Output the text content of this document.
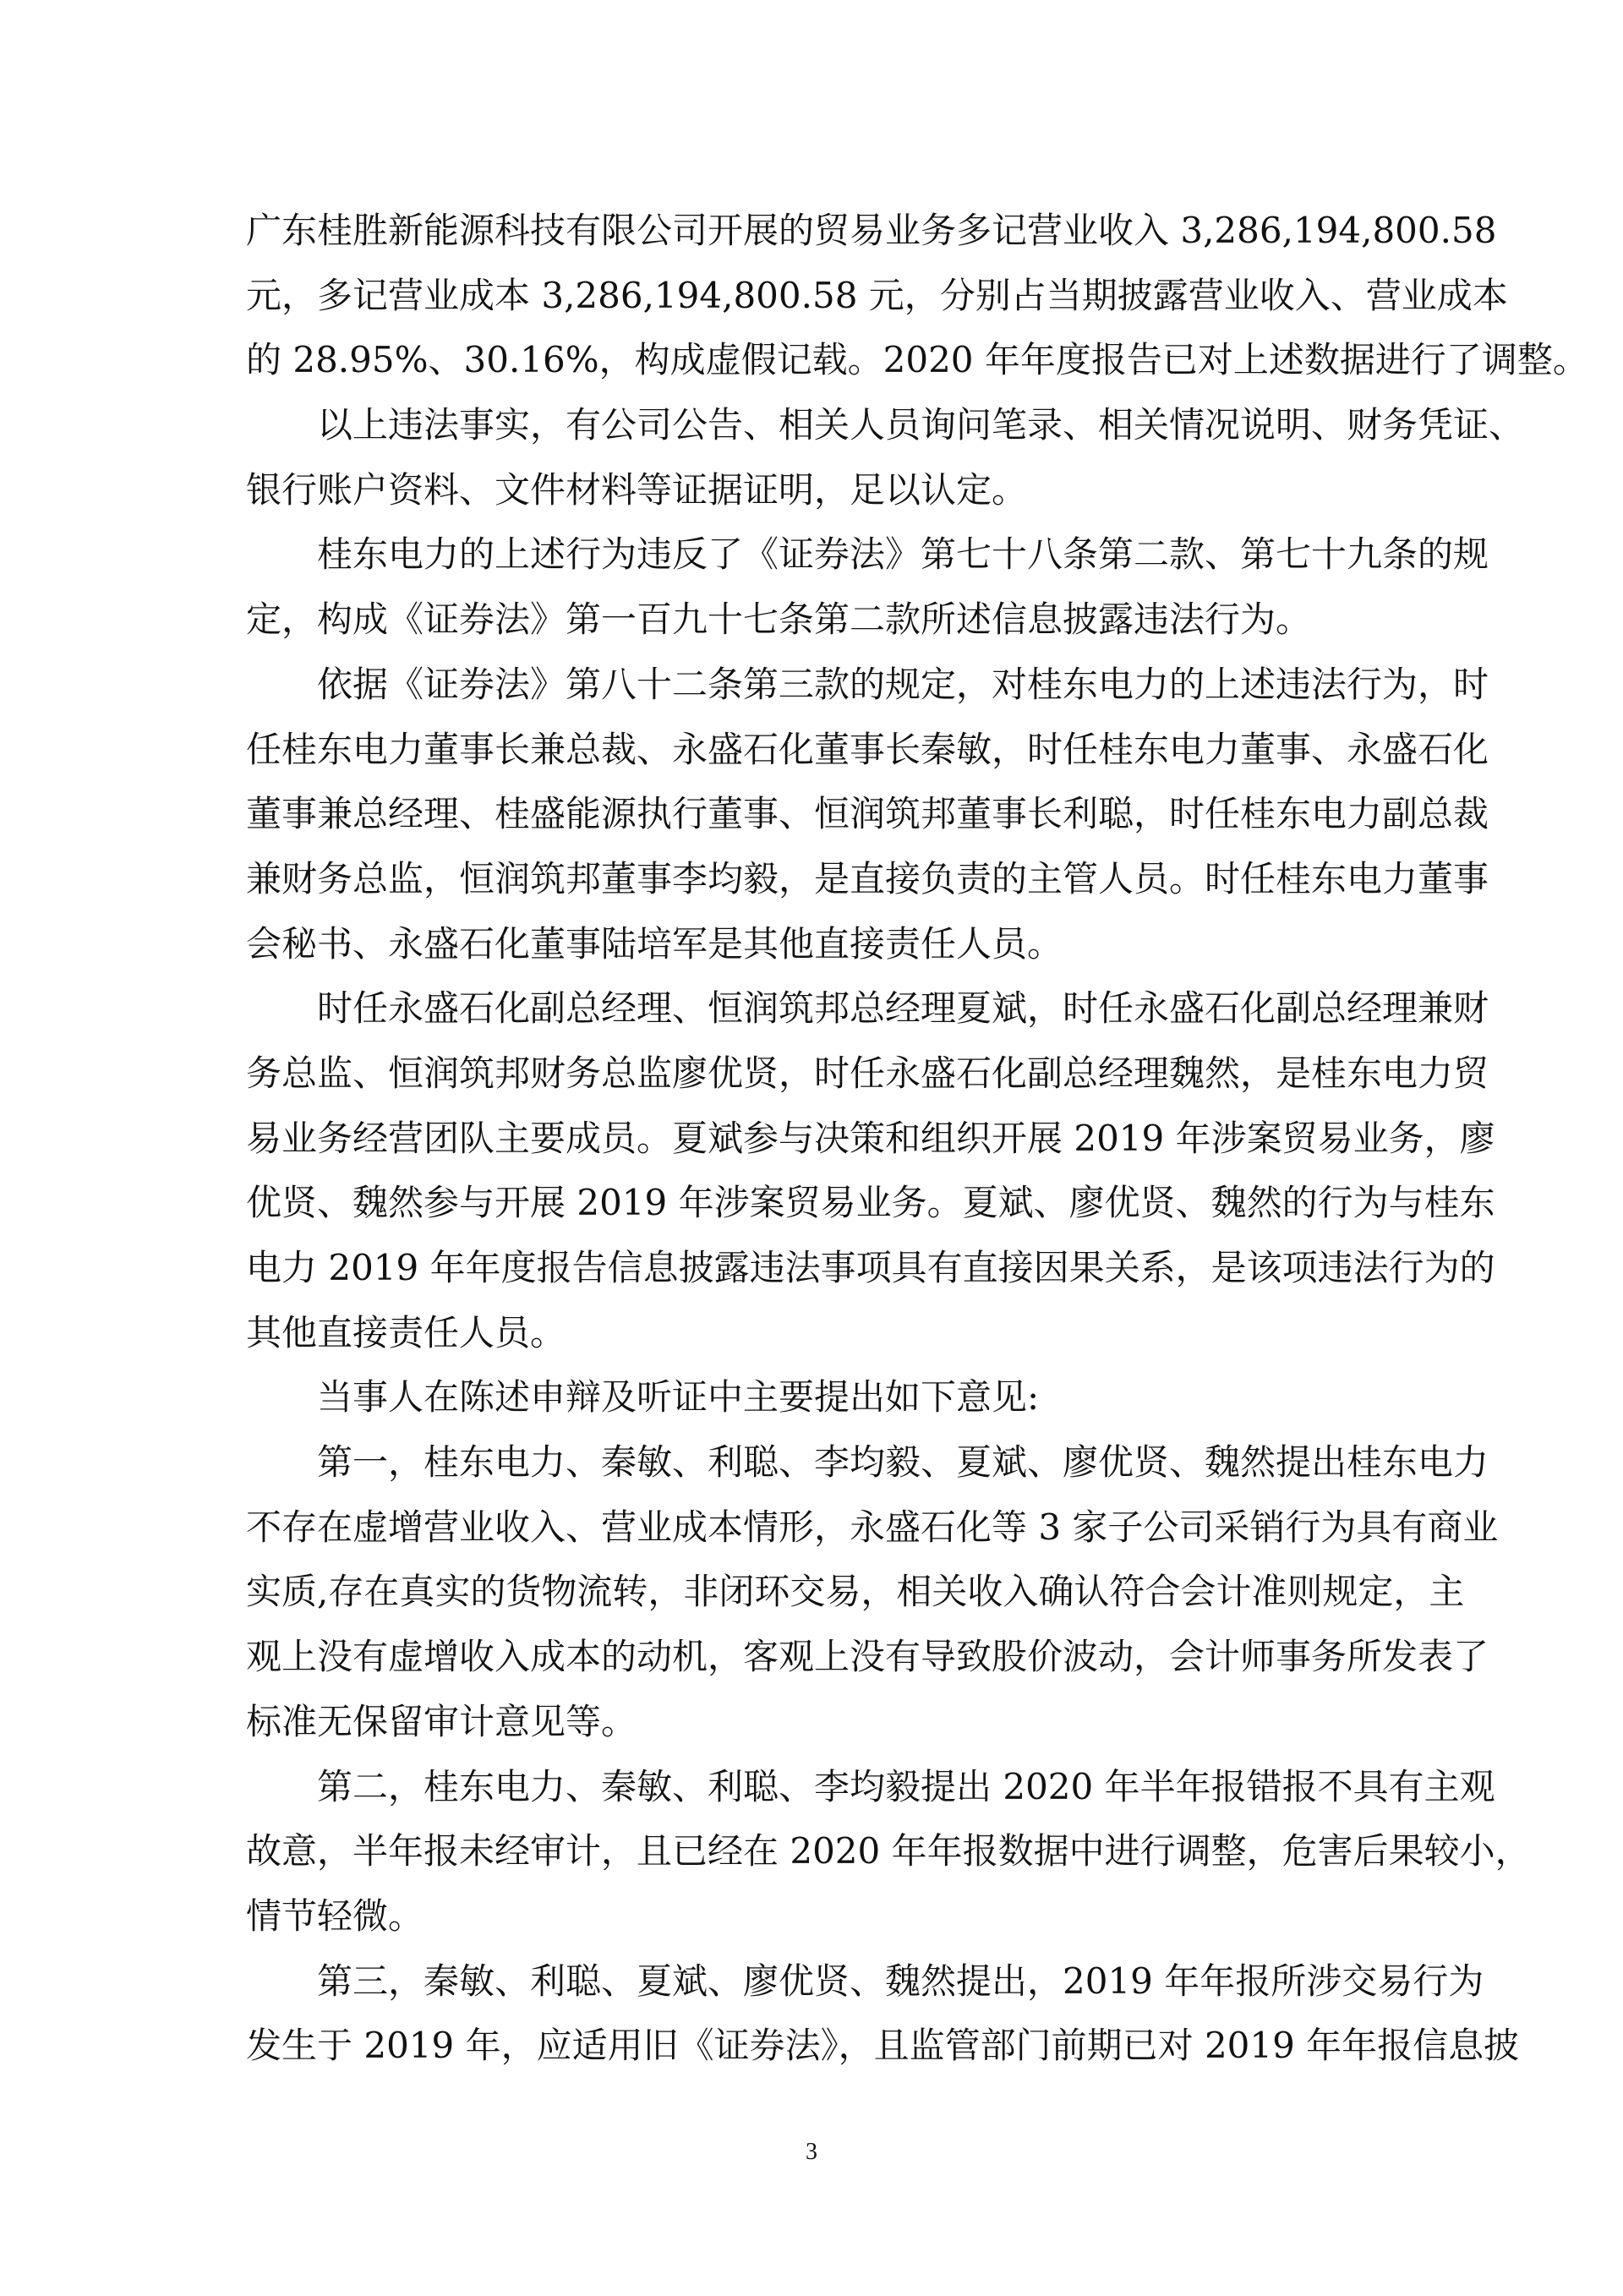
广东桂胜新能源科技有限公司开展的贸易业务多记营业收入 3,286,194,800.58
元，多记营业成本 3,286,194,800.58 元，分别占当期披露营业收入、营业成本
的 28.95%、30.16%，构成虚假记载。2020 年年度报告已对上述数据进行了调整。
以上违法事实，有公司公告、相关人员询问笔录、相关情况说明、财务凭证、
银行账户资料、文件材料等证据证明，足以认定。
桂东电力的上述行为违反了《证券法》第七十八条第二款、第七十九条的规
定，构成《证券法》第一百九十七条第二款所述信息披露违法行为。
依据《证券法》第八十二条第三款的规定，对桂东电力的上述违法行为，时
任桂东电力董事长兼总裁、永盛石化董事长秦敏，时任桂东电力董事、永盛石化
董事兼总经理、桂盛能源执行董事、恒润筑邦董事长利聪，时任桂东电力副总裁
兼财务总监，恒润筑邦董事李均毅，是直接负责的主管人员。时任桂东电力董事
会秘书、永盛石化董事陆培军是其他直接责任人员。
时任永盛石化副总经理、恒润筑邦总经理夏斌，时任永盛石化副总经理兼财
务总监、恒润筑邦财务总监廖优贤，时任永盛石化副总经理魏然，是桂东电力贸
易业务经营团队主要成员。夏斌参与决策和组织开展 2019 年涉案贸易业务，廖
优贤、魏然参与开展 2019 年涉案贸易业务。夏斌、廖优贤、魏然的行为与桂东
电力 2019 年年度报告信息披露违法事项具有直接因果关系，是该项违法行为的
其他直接责任人员。
当事人在陈述申辩及听证中主要提出如下意见:
第一，桂东电力、秦敏、利聪、李均毅、夏斌、廖优贤、魏然提出桂东电力
不存在虚增营业收入、营业成本情形，永盛石化等 3 家子公司采销行为具有商业
实质,存在真实的货物流转，非闭环交易，相关收入确认符合会计准则规定，主
观上没有虚增收入成本的动机，客观上没有导致股价波动，会计师事务所发表了
标准无保留审计意见等。
第二，桂东电力、秦敏、利聪、李均毅提出 2020 年半年报错报不具有主观
故意，半年报未经审计，且已经在 2020 年年报数据中进行调整，危害后果较小，
情节轻微。
第三，秦敏、利聪、夏斌、廖优贤、魏然提出，2019 年年报所涉交易行为
发生于 2019 年，应适用旧《证券法》，且监管部门前期已对 2019 年年报信息披
3
